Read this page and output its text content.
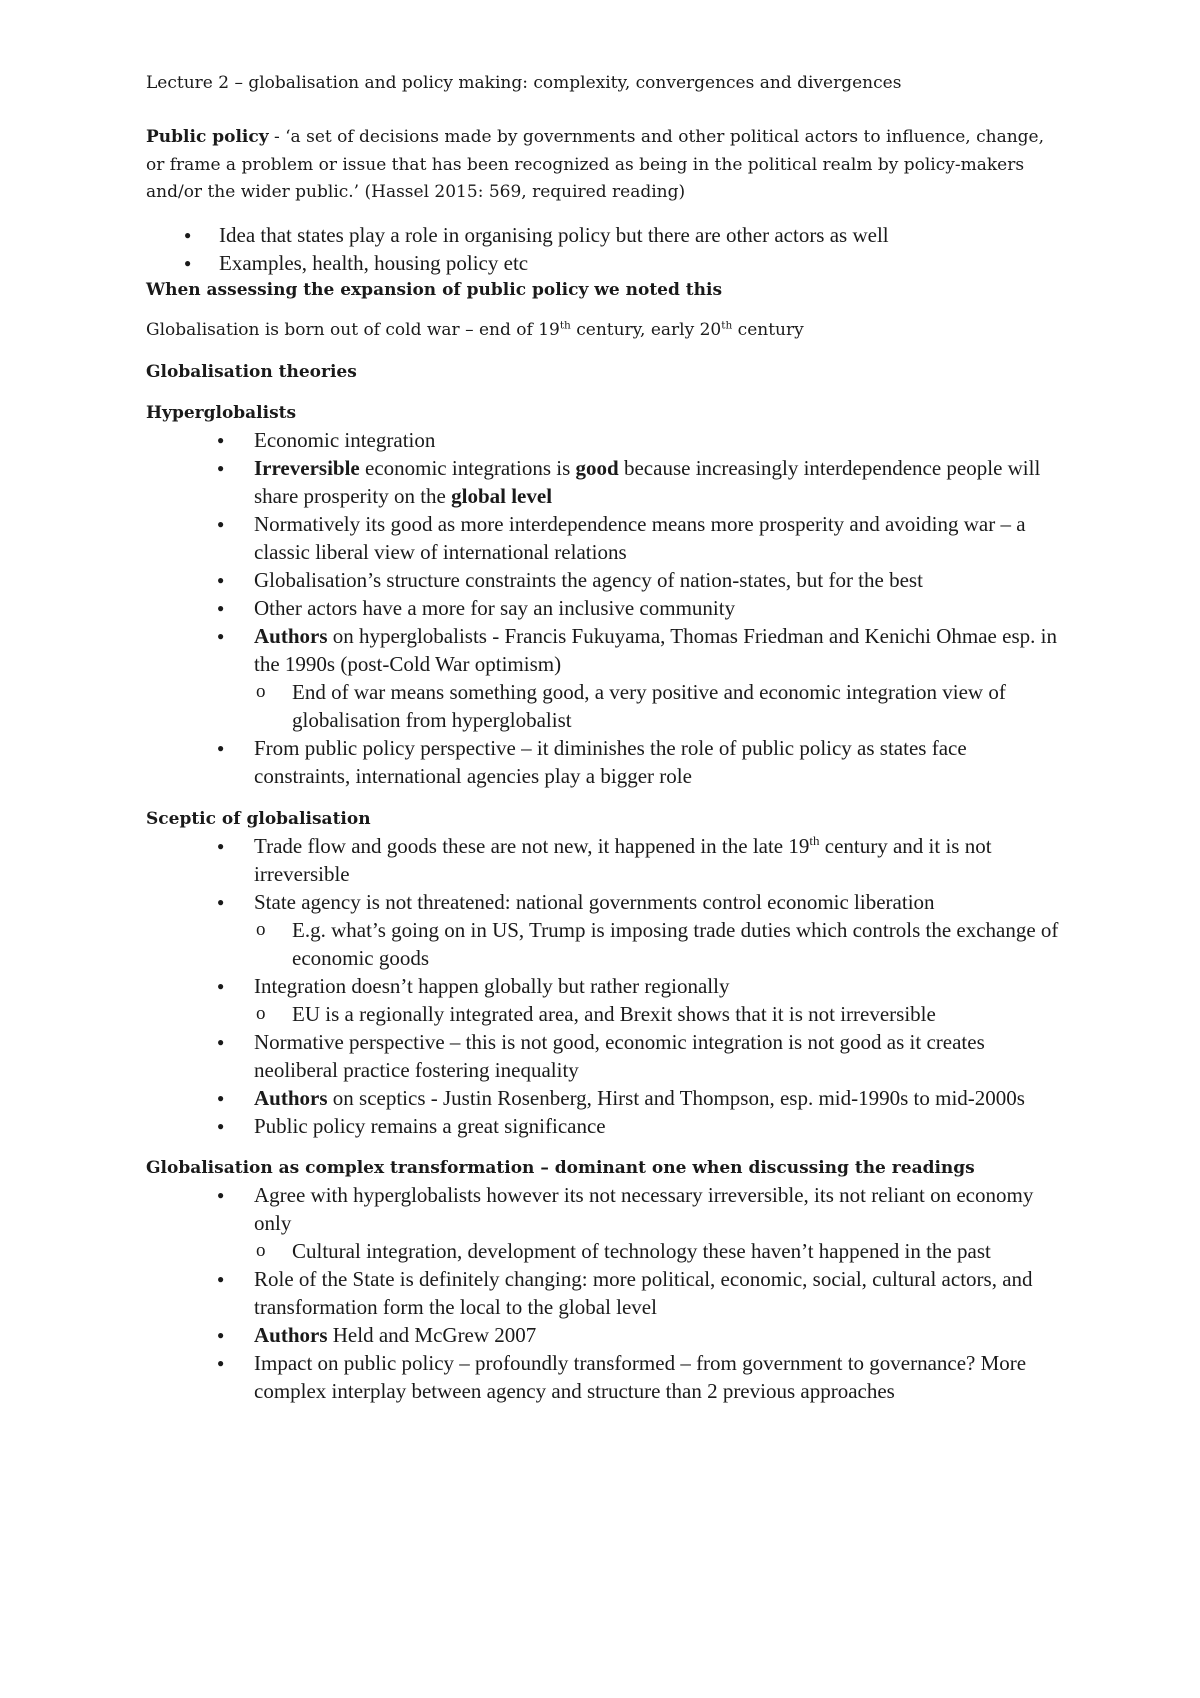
Lecture 2 – globalisation and policy making: complexity, convergences and divergences

Public policy - ‘a set of decisions made by governments and other political actors to influence, change, or frame a problem or issue that has been recognized as being in the political realm by policy-makers and/or the wider public.’ (Hassel 2015: 569, required reading)

● Idea that states play a role in organising policy but there are other actors as well
● Examples, health, housing policy etc

When assessing the expansion of public policy we noted this

Globalisation is born out of cold war – end of 19th century, early 20th century

Globalisation theories

Hyperglobalists

● Economic integration
● Irreversible economic integrations is good because increasingly interdependence people will share prosperity on the global level
● Normatively its good as more interdependence means more prosperity and avoiding war – a classic liberal view of international relations
● Globalisation’s structure constraints the agency of nation-states, but for the best
● Other actors have a more for say an inclusive community
● Authors on hyperglobalists - Francis Fukuyama, Thomas Friedman and Kenichi Ohmae esp. in the 1990s (post-Cold War optimism)
o End of war means something good, a very positive and economic integration view of globalisation from hyperglobalist
● From public policy perspective – it diminishes the role of public policy as states face constraints, international agencies play a bigger role

Sceptic of globalisation

● Trade flow and goods these are not new, it happened in the late 19th century and it is not irreversible
● State agency is not threatened: national governments control economic liberation
o E.g. what’s going on in US, Trump is imposing trade duties which controls the exchange of economic goods
● Integration doesn’t happen globally but rather regionally
o EU is a regionally integrated area, and Brexit shows that it is not irreversible
● Normative perspective – this is not good, economic integration is not good as it creates neoliberal practice fostering inequality
● Authors on sceptics - Justin Rosenberg, Hirst and Thompson, esp. mid-1990s to mid-2000s
● Public policy remains a great significance

Globalisation as complex transformation – dominant one when discussing the readings

● Agree with hyperglobalists however its not necessary irreversible, its not reliant on economy only
o Cultural integration, development of technology these haven’t happened in the past
● Role of the State is definitely changing: more political, economic, social, cultural actors, and transformation form the local to the global level
● Authors Held and McGrew 2007
● Impact on public policy – profoundly transformed – from government to governance? More complex interplay between agency and structure than 2 previous approaches
